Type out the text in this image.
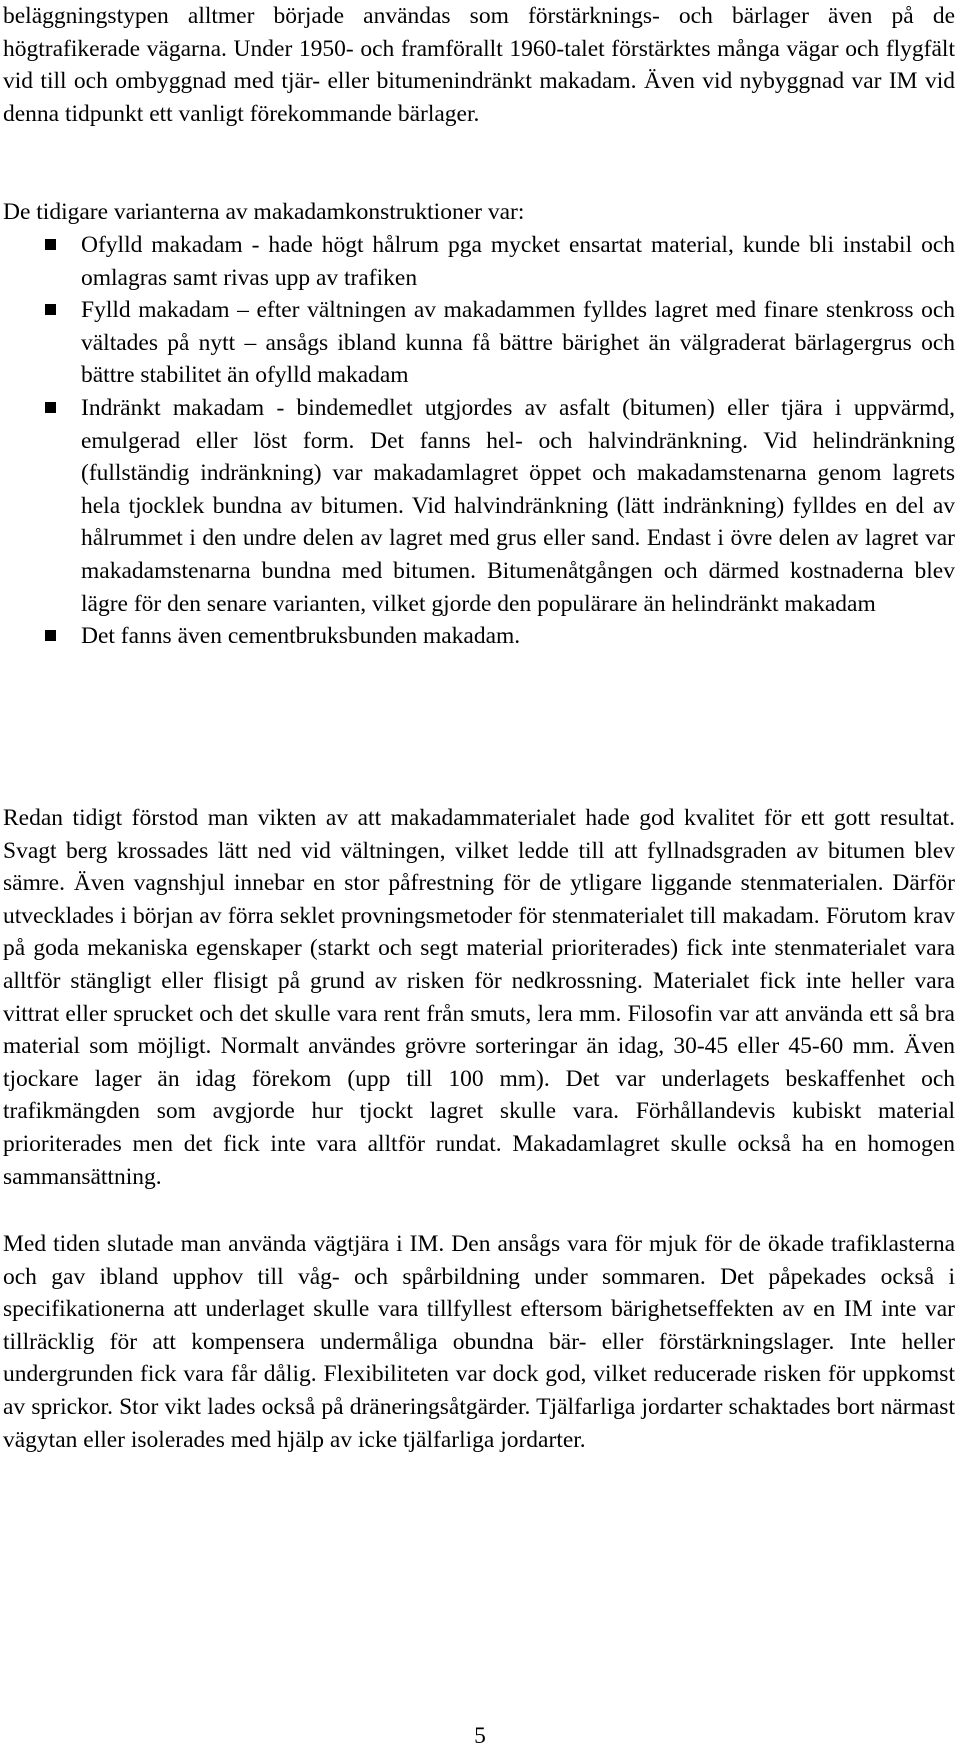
beläggningstypen alltmer började användas som förstärknings- och bärlager även på de högtrafikerade vägarna. Under 1950- och framförallt 1960-talet förstärktes många vägar och flygfält vid till och ombyggnad med tjär- eller bitumenindränkt makadam. Även vid nybyggnad var IM vid denna tidpunkt ett vanligt förekommande bärlager.

De tidigare varianterna av makadamkonstruktioner var:

Ofylld makadam - hade högt hålrum pga mycket ensartat material, kunde bli instabil och omlagras samt rivas upp av trafiken
Fylld makadam – efter vältningen av makadammen fylldes lagret med finare stenkross och vältades på nytt – ansågs ibland kunna få bättre bärighet än välgraderat bärlagergrus och bättre stabilitet än ofylld makadam
Indränkt makadam - bindemedlet utgjordes av asfalt (bitumen) eller tjära i uppvärmd, emulgerad eller löst form. Det fanns hel- och halvindränkning. Vid helindränkning (fullständig indränkning) var makadamlagret öppet och makadamstenarna genom lagrets hela tjocklek bundna av bitumen. Vid halvindränkning (lätt indränkning) fylldes en del av hålrummet i den undre delen av lagret med grus eller sand. Endast i övre delen av lagret var makadamstenarna bundna med bitumen. Bitumenåtgången och därmed kostnaderna blev lägre för den senare varianten, vilket gjorde den populärare än helindränkt makadam
Det fanns även cementbruksbunden makadam.

Redan tidigt förstod man vikten av att makadammaterialet hade god kvalitet för ett gott resultat. Svagt berg krossades lätt ned vid vältningen, vilket ledde till att fyllnadsgraden av bitumen blev sämre. Även vagnshjul innebar en stor påfrestning för de ytligare liggande stenmaterialen. Därför utvecklades i början av förra seklet provningsmetoder för stenmaterialet till makadam. Förutom krav på goda mekaniska egenskaper (starkt och segt material prioriterades) fick inte stenmaterialet vara alltför stängligt eller flisigt på grund av risken för nedkrossning. Materialet fick inte heller vara vittrat eller sprucket och det skulle vara rent från smuts, lera mm. Filosofin var att använda ett så bra material som möjligt. Normalt användes grövre sorteringar än idag, 30-45 eller 45-60 mm. Även tjockare lager än idag förekom (upp till 100 mm). Det var underlagets beskaffenhet och trafikmängden som avgjorde hur tjockt lagret skulle vara. Förhållandevis kubiskt material prioriterades men det fick inte vara alltför rundat. Makadamlagret skulle också ha en homogen sammansättning.

Med tiden slutade man använda vägtjära i IM. Den ansågs vara för mjuk för de ökade trafiklasterna och gav ibland upphov till våg- och spårbildning under sommaren. Det påpekades också i specifikationerna att underlaget skulle vara tillfyllest eftersom bärighetseffekten av en IM inte var tillräcklig för att kompensera undermåliga obundna bär- eller förstärkningslager. Inte heller undergrunden fick vara får dålig. Flexibiliteten var dock god, vilket reducerade risken för uppkomst av sprickor. Stor vikt lades också på dräneringsåtgärder. Tjälfarliga jordarter schaktades bort närmast vägytan eller isolerades med hjälp av icke tjälfarliga jordarter.

5
